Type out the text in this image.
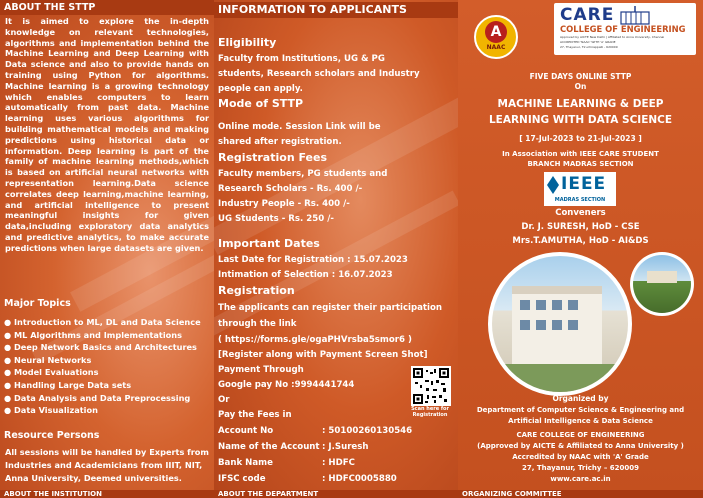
ABOUT THE STTP
It is aimed to explore the in-depth knowledge on relevant technologies, algorithms and implementation behind the Machine Learning and Deep Learning with Data science and also to provide hands on training using Python for algorithms. Machine learning is a growing technology which enables computers to learn automatically from past data. Machine learning uses various algorithms for building mathematical models and making predictions using historical data or information. Deep learning is part of the family of machine learning methods,which is based on artificial neural networks with representation learning.Data science correlates deep learning,machine learning, and artificial intelligence to present meaningful insights for given data,including exploratory data analytics and predictive analytics, to make accurate predictions when large datasets are given.
Major Topics
● Introduction to ML, DL and Data Science
● ML Algorithms and Implementations
● Deep Network Basics and Architectures
● Neural Networks
● Model Evaluations
● Handling Large Data sets
● Data Analysis and Data Preprocessing
● Data Visualization
Resource Persons
All sessions will be handled by Experts from Industries and Academicians from IIIT, NIT, Anna University, Deemed universities.
ABOUT THE INSTITUTION
INFORMATION TO APPLICANTS
Eligibility
Faculty from Institutions, UG & PG
students, Research scholars and Industry
people can apply.
Mode of STTP
Online mode. Session Link will be
shared after registration.
Registration Fees
Faculty members, PG students and
Research Scholars - Rs. 400 /-
Industry People - Rs. 400 /-
UG Students - Rs. 250 /-
Important Dates
Last Date for Registration : 15.07.2023
Intimation of Selection : 16.07.2023
Registration
The applicants can register their participation
through the link
( https://forms.gle/ogaPHVrsba5smor6 )
[Register along with Payment Screen Shot]
Payment Through
Google pay No :9994441744
Or
Pay the Fees in
Scan here for Registration
Account No	: 50100260130546
Name of the Account : J.Suresh
Bank Name	: HDFC
IFSC code	: HDFC0005880
ABOUT THE DEPARTMENT
CARE
COLLEGE OF ENGINEERING
Approved by AICTE New Delhi | Affiliated to Anna University, Chennai
ACCREDITED 'NAAC' WITH 'A' GRADE
27, Thayanur, Tiruchirappalli - 620009
A
NAAC
FIVE DAYS ONLINE STTP
On
MACHINE LEARNING & DEEP
LEARNING WITH DATA SCIENCE
[ 17-Jul-2023 to 21-Jul-2023 ]
In Association with IEEE CARE STUDENT
BRANCH MADRAS SECTION
IEEE
MADRAS SECTION
Conveners
Dr. J. SURESH, HoD - CSE
Mrs.T.AMUTHA, HoD - AI&DS
Organized by
Department of Computer Science & Engineering and
Artificial Intelligence & Data Science
CARE COLLEGE OF ENGINEERING
(Approved by AICTE & Affiliated to Anna University )
Accredited by NAAC with 'A' Grade
27, Thayanur, Trichy – 620009
www.care.ac.in
ORGANIZING COMMITTEE
